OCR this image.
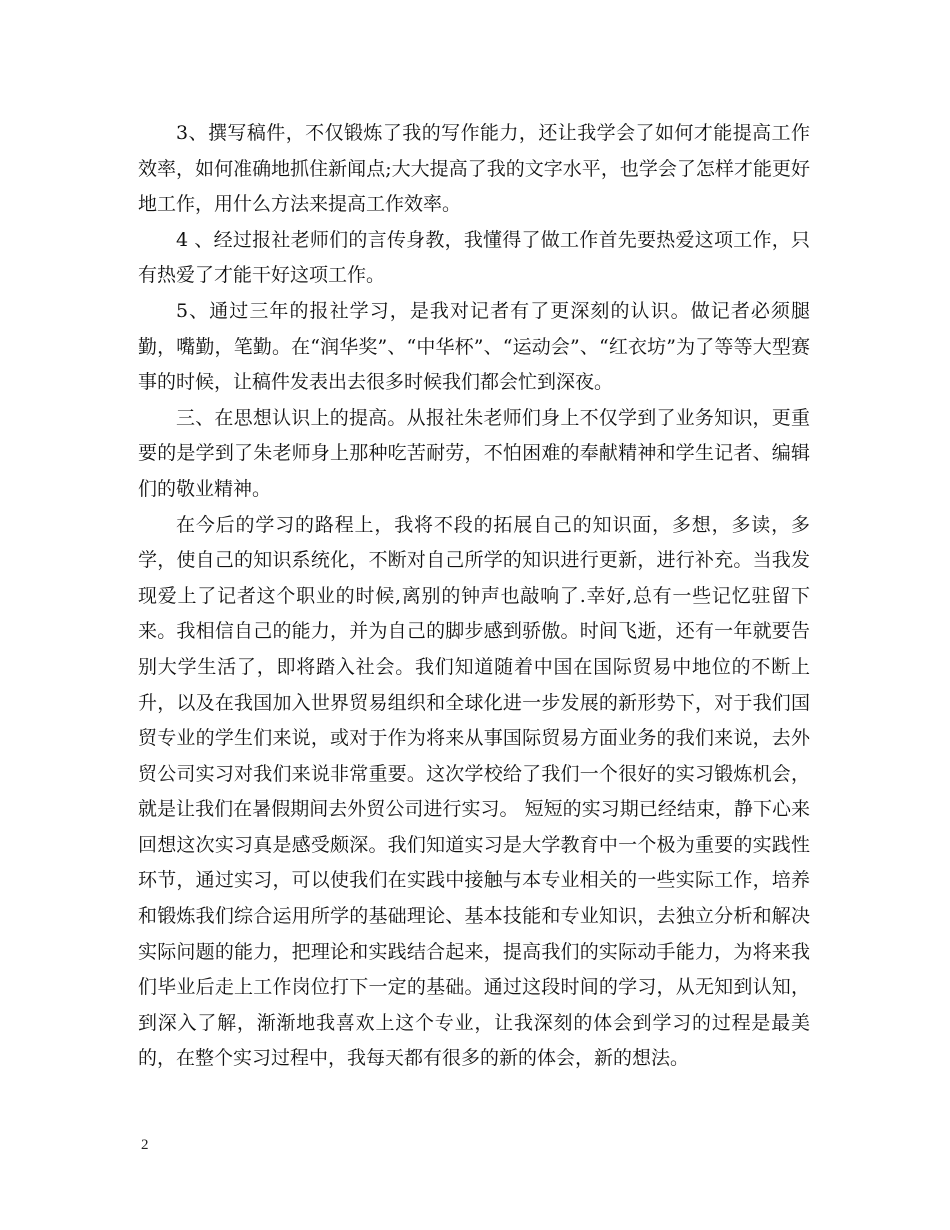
3、撰写稿件，不仅锻炼了我的写作能力，还让我学会了如何才能提高工作效率，如何准确地抓住新闻点;大大提高了我的文字水平，也学会了怎样才能更好地工作，用什么方法来提高工作效率。

4 、经过报社老师们的言传身教，我懂得了做工作首先要热爱这项工作，只有热爱了才能干好这项工作。

5、通过三年的报社学习，是我对记者有了更深刻的认识。做记者必须腿勤，嘴勤，笔勤。在“润华奖”、“中华杯”、“运动会”、“红衣坊”为了等等大型赛事的时候，让稿件发表出去很多时候我们都会忙到深夜。

三、在思想认识上的提高。从报社朱老师们身上不仅学到了业务知识，更重要的是学到了朱老师身上那种吃苦耐劳，不怕困难的奉献精神和学生记者、编辑们的敬业精神。

在今后的学习的路程上，我将不段的拓展自己的知识面，多想，多读，多学，使自己的知识系统化，不断对自己所学的知识进行更新，进行补充。当我发现爱上了记者这个职业的时候,离别的钟声也敲响了.幸好,总有一些记忆驻留下来。我相信自己的能力，并为自己的脚步感到骄傲。时间飞逝，还有一年就要告别大学生活了，即将踏入社会。我们知道随着中国在国际贸易中地位的不断上升，以及在我国加入世界贸易组织和全球化进一步发展的新形势下，对于我们国贸专业的学生们来说，或对于作为将来从事国际贸易方面业务的我们来说，去外贸公司实习对我们来说非常重要。这次学校给了我们一个很好的实习锻炼机会，就是让我们在暑假期间去外贸公司进行实习。 短短的实习期已经结束，静下心来回想这次实习真是感受颇深。我们知道实习是大学教育中一个极为重要的实践性环节，通过实习，可以使我们在实践中接触与本专业相关的一些实际工作，培养和锻炼我们综合运用所学的基础理论、基本技能和专业知识，去独立分析和解决实际问题的能力，把理论和实践结合起来，提高我们的实际动手能力，为将来我们毕业后走上工作岗位打下一定的基础。通过这段时间的学习，从无知到认知，到深入了解，渐渐地我喜欢上这个专业，让我深刻的体会到学习的过程是最美的，在整个实习过程中，我每天都有很多的新的体会，新的想法。

2
